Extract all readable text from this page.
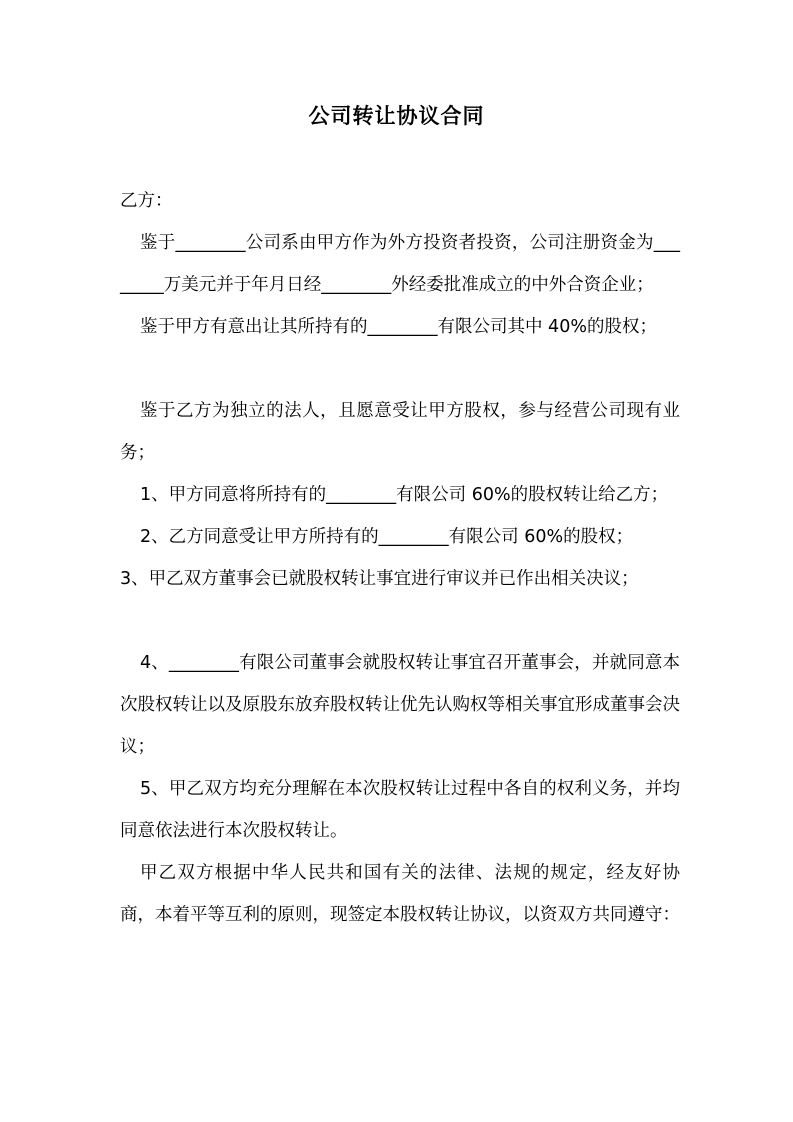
公司转让协议合同

乙方：

鉴于________公司系由甲方作为外方投资者投资，公司注册资金为________万美元并于年月日经________外经委批准成立的中外合资企业；

鉴于甲方有意出让其所持有的________有限公司其中 40%的股权；

鉴于乙方为独立的法人，且愿意受让甲方股权，参与经营公司现有业务；

1、甲方同意将所持有的________有限公司 60%的股权转让给乙方；

2、乙方同意受让甲方所持有的________有限公司 60%的股权；

3、甲乙双方董事会已就股权转让事宜进行审议并已作出相关决议；

4、________有限公司董事会就股权转让事宜召开董事会，并就同意本次股权转让以及原股东放弃股权转让优先认购权等相关事宜形成董事会决议；

5、甲乙双方均充分理解在本次股权转让过程中各自的权利义务，并均同意依法进行本次股权转让。

甲乙双方根据中华人民共和国有关的法律、法规的规定，经友好协商，本着平等互利的原则，现签定本股权转让协议，以资双方共同遵守：
